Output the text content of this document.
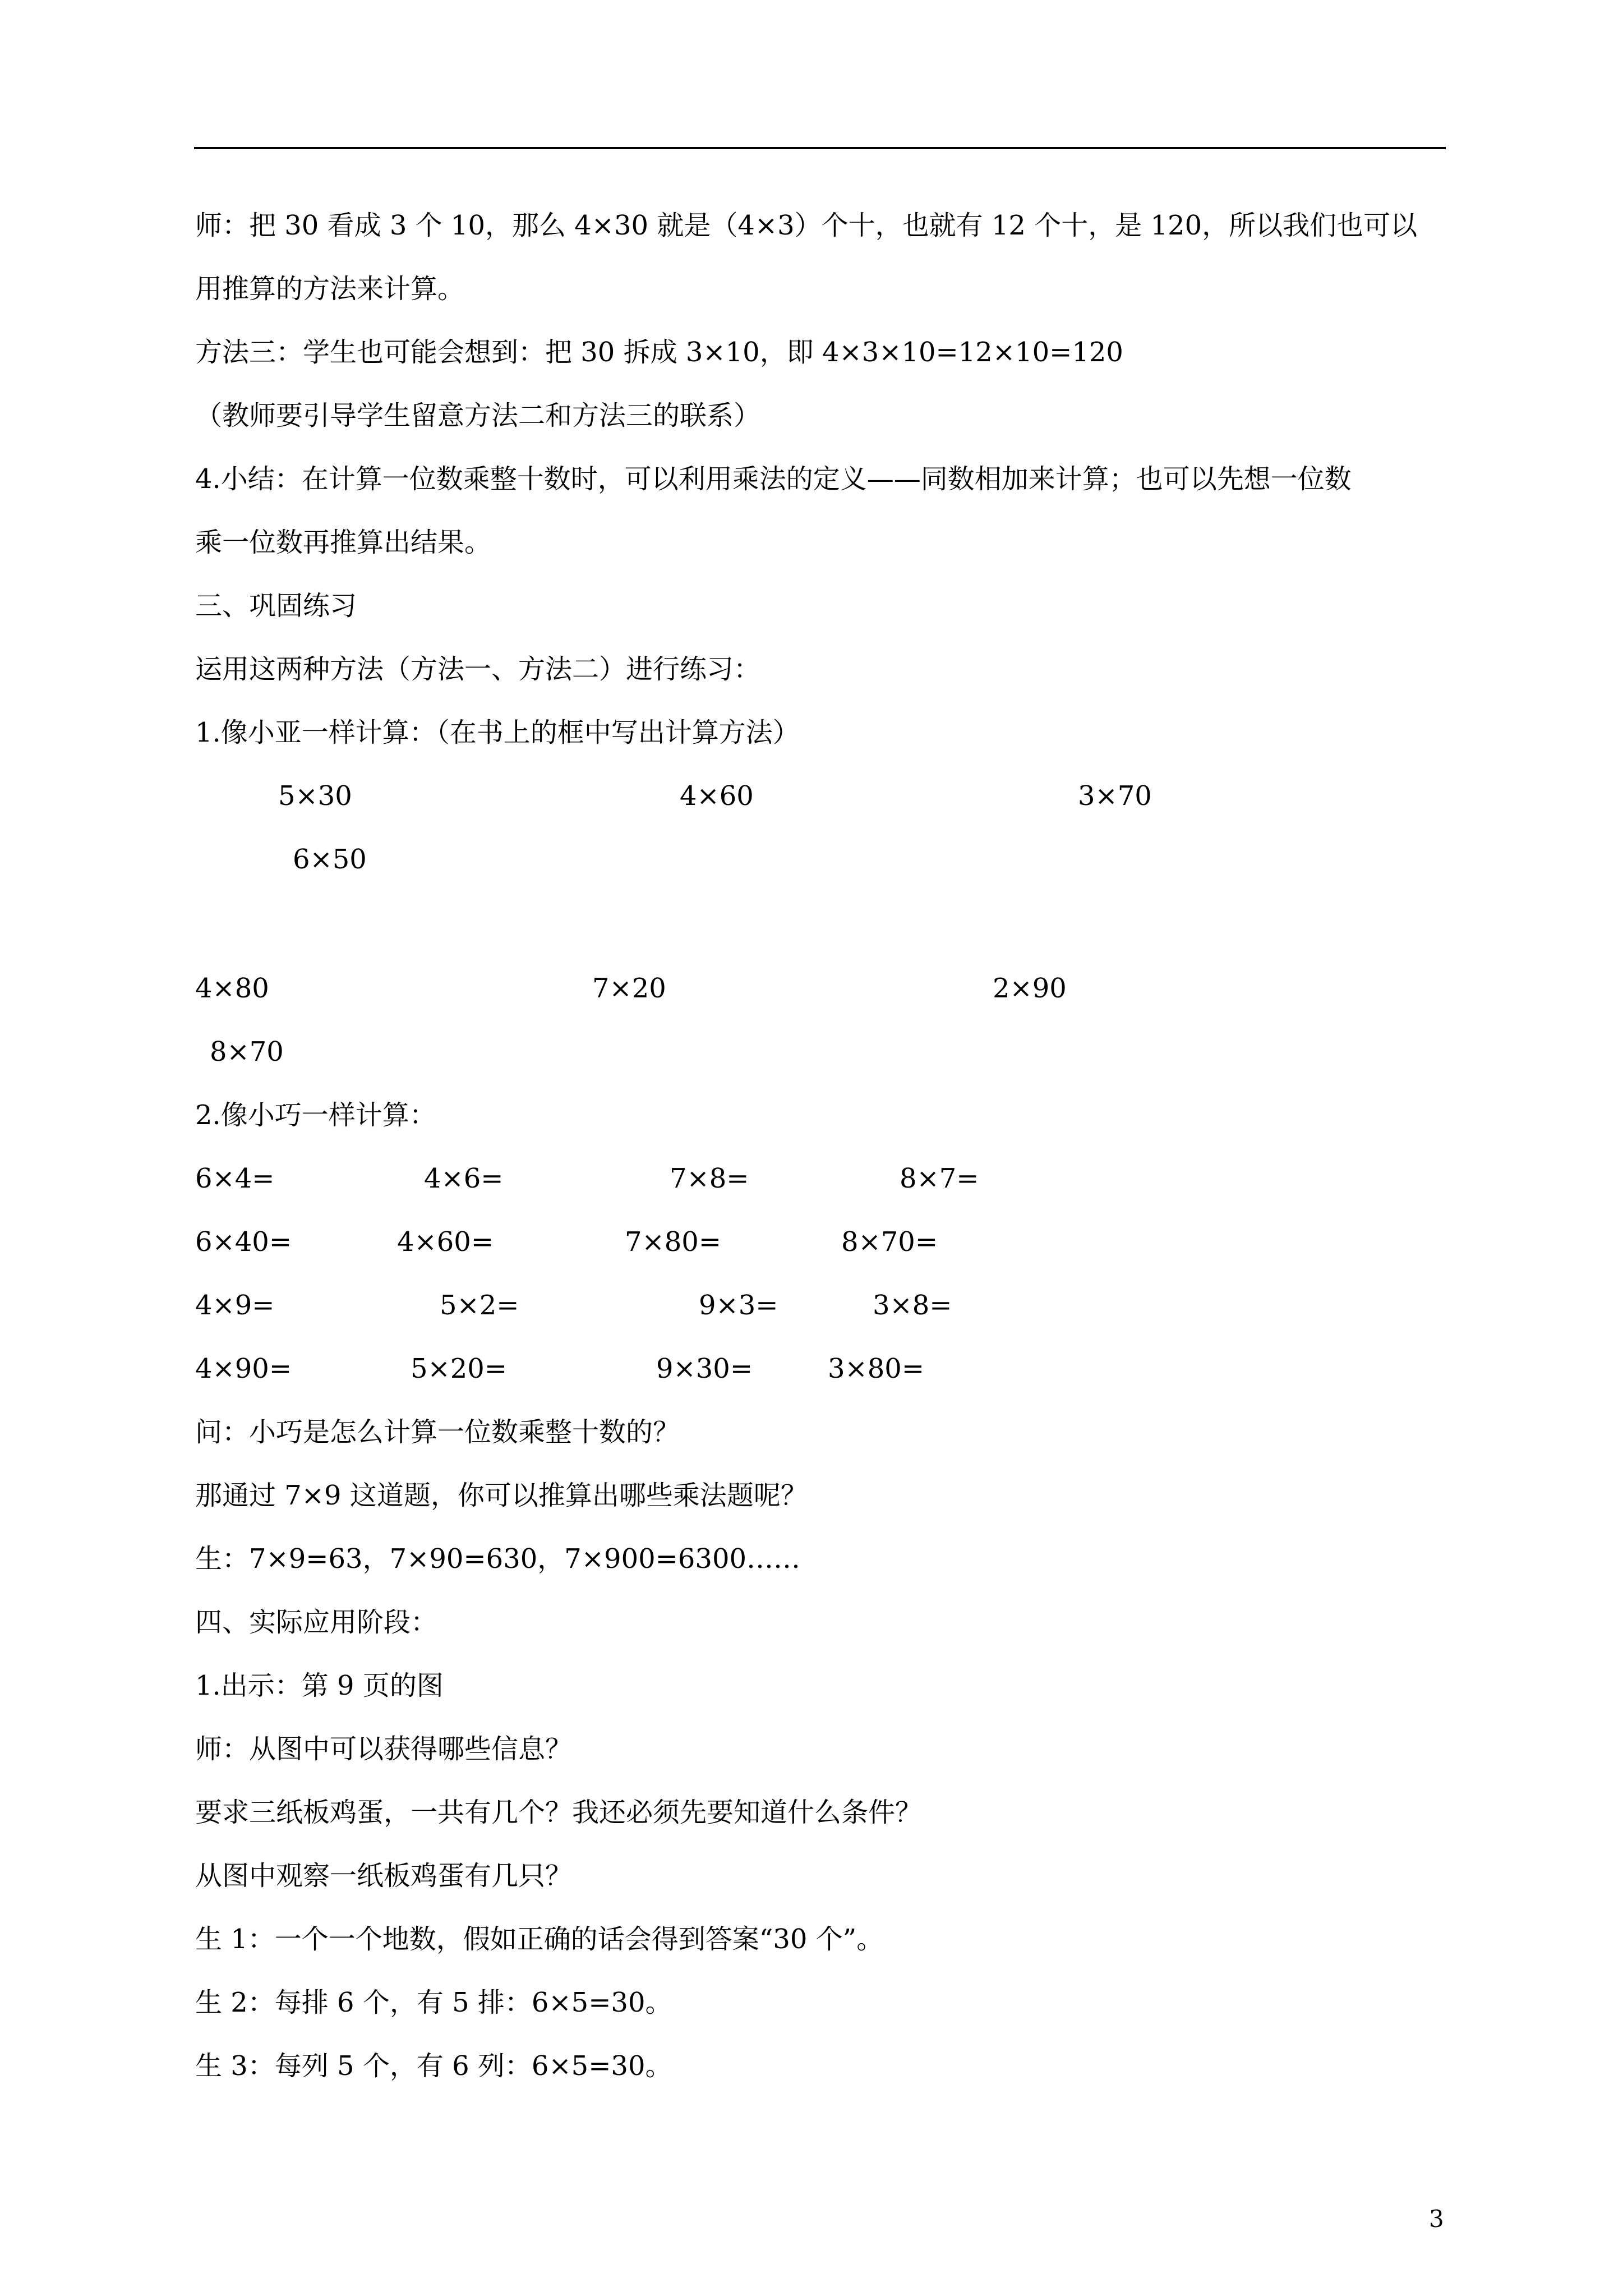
师：把 30 看成 3 个 10，那么 4×30 就是（4×3）个十，也就有 12 个十，是 120，所以我们也可以
用推算的方法来计算。
方法三：学生也可能会想到：把 30 拆成 3×10，即 4×3×10=12×10=120
（教师要引导学生留意方法二和方法三的联系）
4.小结：在计算一位数乘整十数时，可以利用乘法的定义——同数相加来计算；也可以先想一位数
乘一位数再推算出结果。
三、巩固练习
运用这两种方法（方法一、方法二）进行练习：
1.像小亚一样计算：（在书上的框中写出计算方法）
5×30	4×60	3×70
6×50
4×80	7×20	2×90
8×70
2.像小巧一样计算：
6×4=	4×6=	7×8=	8×7=
6×40=	4×60=	7×80=	8×70=
4×9=	5×2=	9×3=	3×8=
4×90=	5×20=	9×30=	3×80=
问：小巧是怎么计算一位数乘整十数的？
那通过 7×9 这道题，你可以推算出哪些乘法题呢？
生：7×9=63，7×90=630，7×900=6300……
四、实际应用阶段：
1.出示：第 9 页的图
师：从图中可以获得哪些信息？
要求三纸板鸡蛋，一共有几个？我还必须先要知道什么条件？
从图中观察一纸板鸡蛋有几只？
生 1：一个一个地数，假如正确的话会得到答案“30 个”。
生 2：每排 6 个，有 5 排：6×5=30。
生 3：每列 5 个，有 6 列：6×5=30。
3
